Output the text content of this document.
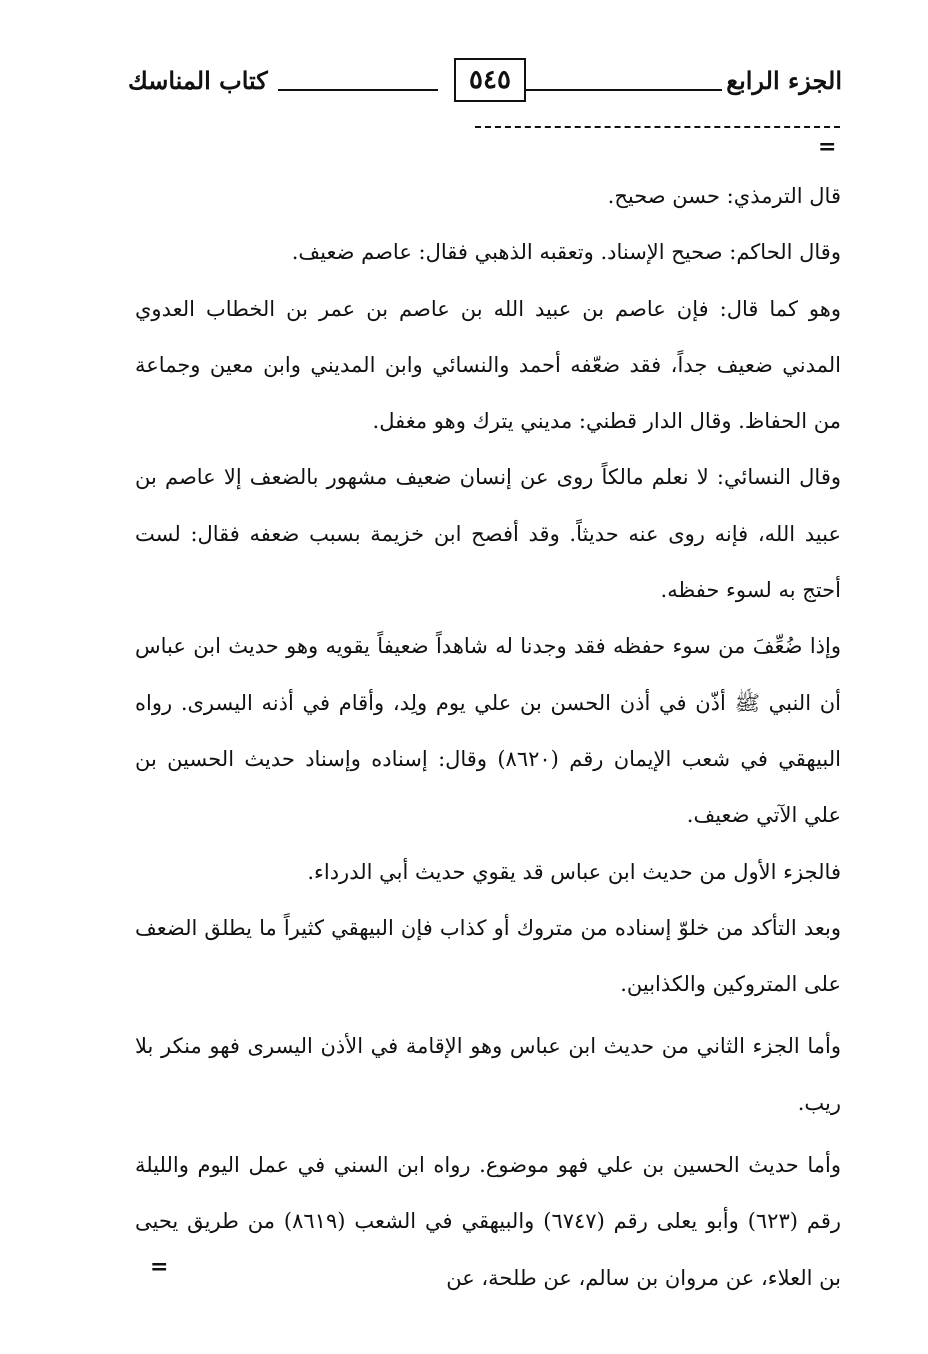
الجزء الرابع
٥٤٥
كتاب المناسك
=

قال الترمذي: حسن صحيح.

وقال الحاكم: صحيح الإسناد. وتعقبه الذهبي فقال: عاصم ضعيف.

وهو كما قال: فإن عاصم بن عبيد الله بن عاصم بن عمر بن الخطاب العدوي المدني ضعيف جداً، فقد ضعّفه أحمد والنسائي وابن المديني وابن معين وجماعة من الحفاظ. وقال الدار قطني: مديني يترك وهو مغفل.

وقال النسائي: لا نعلم مالكاً روى عن إنسان ضعيف مشهور بالضعف إلا عاصم بن عبيد الله، فإنه روى عنه حديثاً. وقد أفصح ابن خزيمة بسبب ضعفه فقال: لست أحتج به لسوء حفظه.

وإذا ضُعِّفَ من سوء حفظه فقد وجدنا له شاهداً ضعيفاً يقويه وهو حديث ابن عباس أن النبي ﷺ أذّن في أذن الحسن بن علي يوم ولِد، وأقام في أذنه اليسرى. رواه البيهقي في شعب الإيمان رقم (٨٦٢٠) وقال: إسناده وإسناد حديث الحسين بن علي الآتي ضعيف.

فالجزء الأول من حديث ابن عباس قد يقوي حديث أبي الدرداء.

وبعد التأكد من خلوّ إسناده من متروك أو كذاب فإن البيهقي كثيراً ما يطلق الضعف على المتروكين والكذابين.

وأما الجزء الثاني من حديث ابن عباس وهو الإقامة في الأذن اليسرى فهو منكر بلا ريب.

وأما حديث الحسين بن علي فهو موضوع. رواه ابن السني في عمل اليوم والليلة رقم (٦٢٣) وأبو يعلى رقم (٦٧٤٧) والبيهقي في الشعب (٨٦١٩) من طريق يحيى بن العلاء، عن مروان بن سالم، عن طلحة، عن

=
